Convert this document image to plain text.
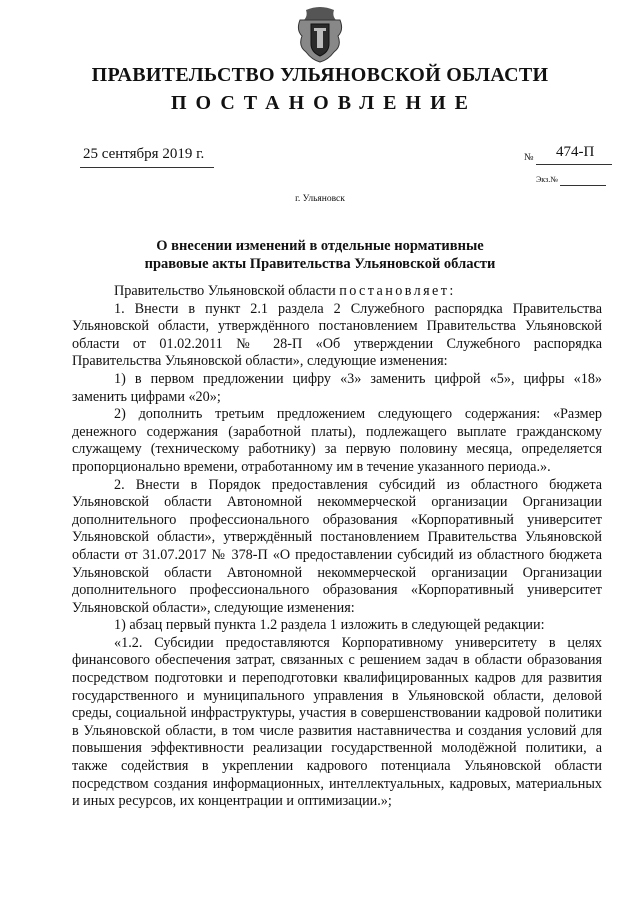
ПРАВИТЕЛЬСТВО УЛЬЯНОВСКОЙ ОБЛАСТИ
ПОСТАНОВЛЕНИЕ
25 сентября 2019 г.	№ 474-П
Экз.№
г. Ульяновск
О внесении изменений в отдельные нормативные
правовые акты Правительства Ульяновской области

Правительство Ульяновской области постановляет:

1. Внести в пункт 2.1 раздела 2 Служебного распорядка Правительства Ульяновской области, утверждённого постановлением Правительства Ульяновской области от 01.02.2011 № 28-П «Об утверждении Служебного распорядка Правительства Ульяновской области», следующие изменения:

1) в первом предложении цифру «3» заменить цифрой «5», цифры «18» заменить цифрами «20»;

2) дополнить третьим предложением следующего содержания: «Размер денежного содержания (заработной платы), подлежащего выплате гражданскому служащему (техническому работнику) за первую половину месяца, определяется пропорционально времени, отработанному им в течение указанного периода.».

2. Внести в Порядок предоставления субсидий из областного бюджета Ульяновской области Автономной некоммерческой организации Организации дополнительного профессионального образования «Корпоративный университет Ульяновской области», утверждённый постановлением Правительства Ульяновской области от 31.07.2017 № 378-П «О предоставлении субсидий из областного бюджета Ульяновской области Автономной некоммерческой организации Организации дополнительного профессионального образования «Корпоративный университет Ульяновской области», следующие изменения:

1) абзац первый пункта 1.2 раздела 1 изложить в следующей редакции:

«1.2. Субсидии предоставляются Корпоративному университету в целях финансового обеспечения затрат, связанных с решением задач в области образования посредством подготовки и переподготовки квалифицированных кадров для развития государственного и муниципального управления в Ульяновской области, деловой среды, социальной инфраструктуры, участия в совершенствовании кадровой политики в Ульяновской области, в том числе развития наставничества и создания условий для повышения эффективности реализации государственной молодёжной политики, а также содействия в укреплении кадрового потенциала Ульяновской области посредством создания информационных, интеллектуальных, кадровых, материальных и иных ресурсов, их концентрации и оптимизации.»;
